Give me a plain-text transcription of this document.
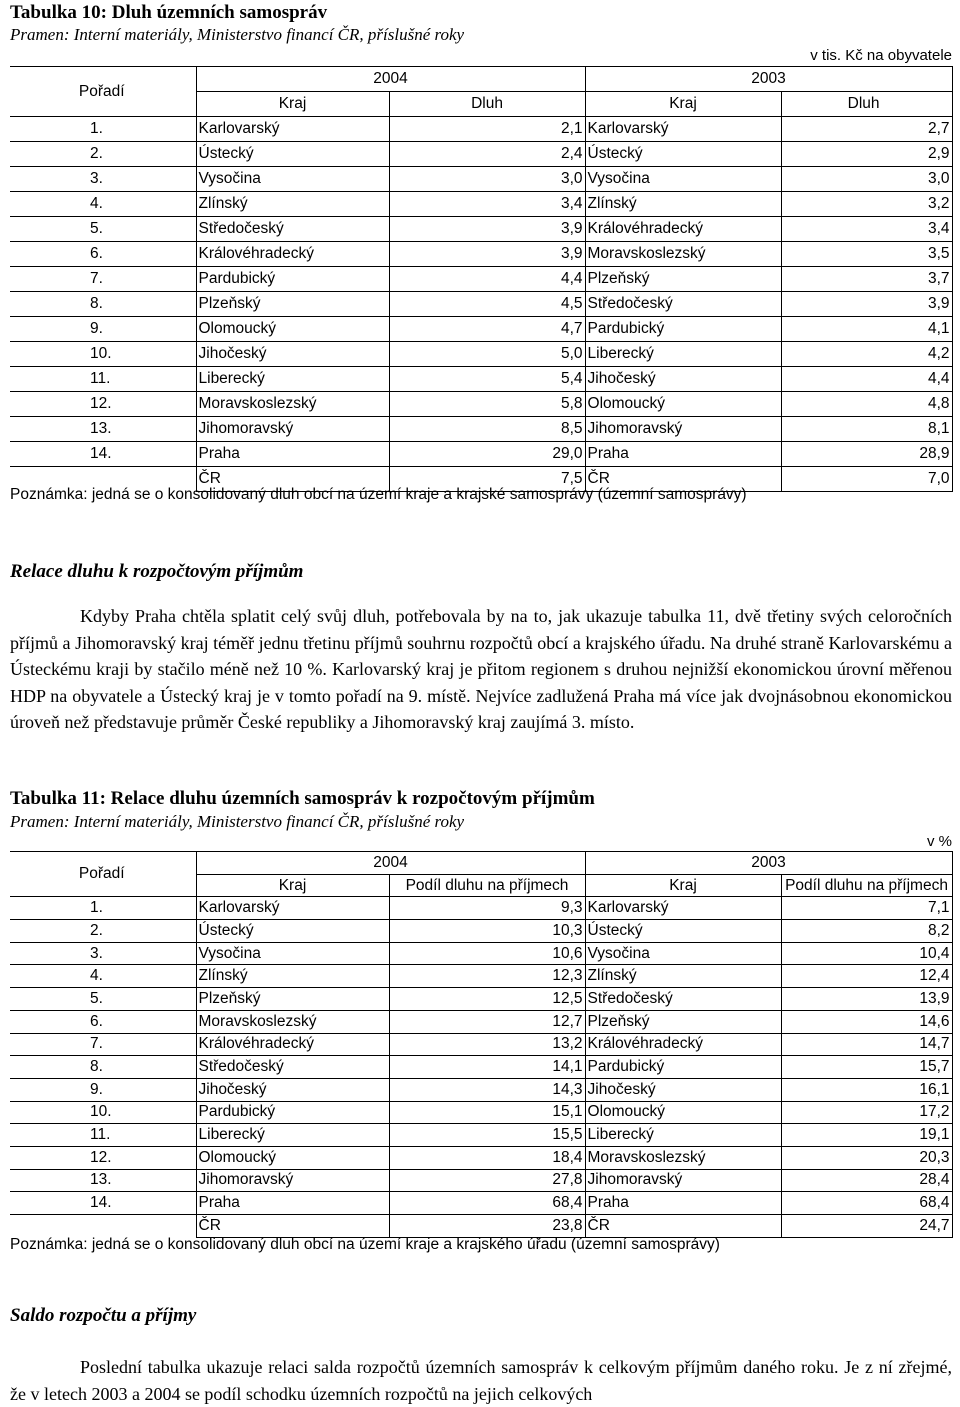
Tabulka 10: Dluh územních samospráv
Pramen: Interní materiály, Ministerstvo financí ČR, příslušné roky
v tis. Kč na obyvatele
Pořadí	2004		2003	
	Kraj	Dluh	Kraj	Dluh
1.	Karlovarský	2,1	Karlovarský	2,7
2.	Ústecký	2,4	Ústecký	2,9
3.	Vysočina	3,0	Vysočina	3,0
4.	Zlínský	3,4	Zlínský	3,2
5.	Středočeský	3,9	Královéhradecký	3,4
6.	Královéhradecký	3,9	Moravskoslezský	3,5
7.	Pardubický	4,4	Plzeňský	3,7
8.	Plzeňský	4,5	Středočeský	3,9
9.	Olomoucký	4,7	Pardubický	4,1
10.	Jihočeský	5,0	Liberecký	4,2
11.	Liberecký	5,4	Jihočeský	4,4
12.	Moravskoslezský	5,8	Olomoucký	4,8
13.	Jihomoravský	8,5	Jihomoravský	8,1
14.	Praha	29,0	Praha	28,9
	ČR	7,5	ČR	7,0
Poznámka: jedná se o konsolidovaný dluh obcí na území kraje a krajské samosprávy (územní samosprávy)
Relace dluhu k rozpočtovým příjmům
Kdyby Praha chtěla splatit celý svůj dluh, potřebovala by na to, jak ukazuje tabulka 11, dvě třetiny svých celoročních příjmů a Jihomoravský kraj téměř jednu třetinu příjmů souhrnu rozpočtů obcí a krajského úřadu. Na druhé straně Karlovarskému a Ústeckému kraji by stačilo méně než 10 %. Karlovarský kraj je přitom regionem s druhou nejnižší ekonomickou úrovní měřenou HDP na obyvatele a Ústecký kraj je v tomto pořadí na 9. místě. Nejvíce zadlužená Praha má více jak dvojnásobnou ekonomickou úroveň než představuje průměr České republiky a Jihomoravský kraj zaujímá 3. místo.
Tabulka 11: Relace dluhu územních samospráv k rozpočtovým příjmům
Pramen: Interní materiály, Ministerstvo financí ČR, příslušné roky
v %
Pořadí	2004		2003	
	Kraj	Podíl dluhu na příjmech	Kraj	Podíl dluhu na příjmech
1.	Karlovarský	9,3	Karlovarský	7,1
2.	Ústecký	10,3	Ústecký	8,2
3.	Vysočina	10,6	Vysočina	10,4
4.	Zlínský	12,3	Zlínský	12,4
5.	Plzeňský	12,5	Středočeský	13,9
6.	Moravskoslezský	12,7	Plzeňský	14,6
7.	Královéhradecký	13,2	Královéhradecký	14,7
8.	Středočeský	14,1	Pardubický	15,7
9.	Jihočeský	14,3	Jihočeský	16,1
10.	Pardubický	15,1	Olomoucký	17,2
11.	Liberecký	15,5	Liberecký	19,1
12.	Olomoucký	18,4	Moravskoslezský	20,3
13.	Jihomoravský	27,8	Jihomoravský	28,4
14.	Praha	68,4	Praha	68,4
	ČR	23,8	ČR	24,7
Poznámka: jedná se o konsolidovaný dluh obcí na území kraje a krajského úřadu (územní samosprávy)
Saldo rozpočtu a příjmy
Poslední tabulka ukazuje relaci salda rozpočtů územních samospráv k celkovým příjmům daného roku. Je z ní zřejmé, že v letech 2003 a 2004 se podíl schodku územních rozpočtů na jejich celkových
